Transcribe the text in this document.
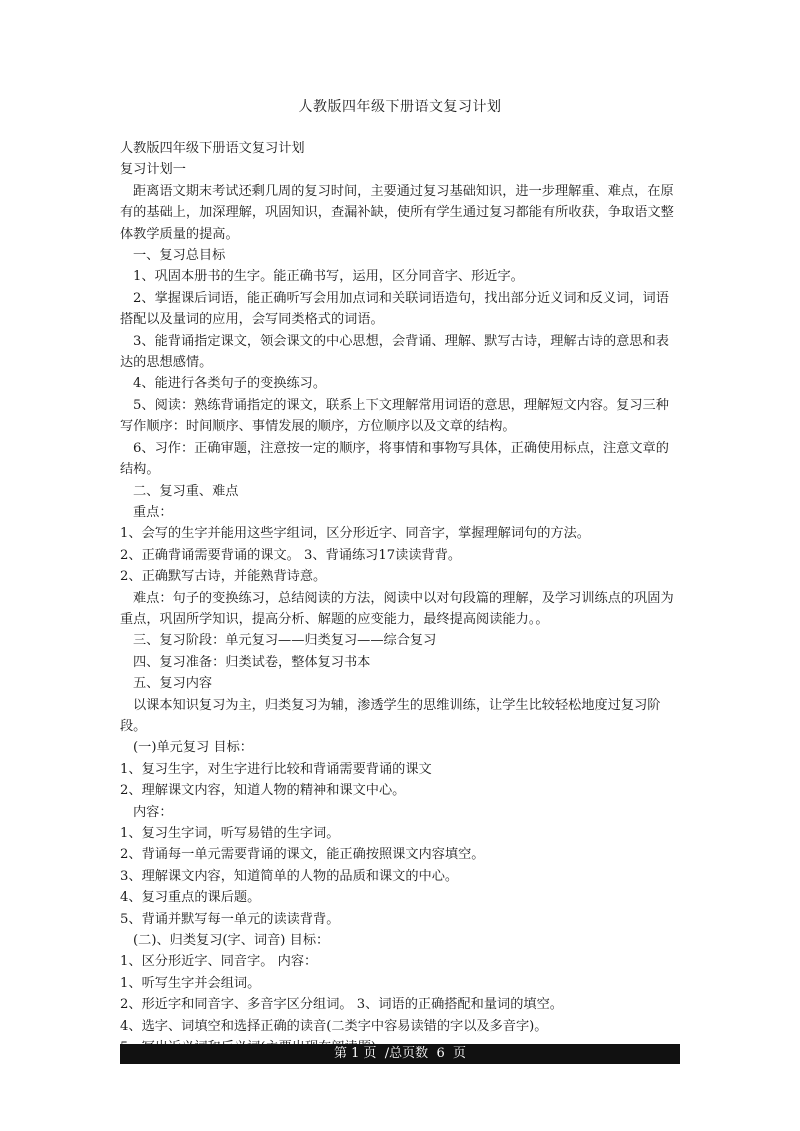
人教版四年级下册语文复习计划

人教版四年级下册语文复习计划

复习计划一

距离语文期末考试还剩几周的复习时间，主要通过复习基础知识，进一步理解重、难点，在原有的基础上，加深理解，巩固知识，查漏补缺，使所有学生通过复习都能有所收获，争取语文整体教学质量的提高。

一、复习总目标

1、巩固本册书的生字。能正确书写，运用，区分同音字、形近字。

2、掌握课后词语，能正确听写会用加点词和关联词语造句，找出部分近义词和反义词，词语搭配以及量词的应用，会写同类格式的词语。

3、能背诵指定课文，领会课文的中心思想，会背诵、理解、默写古诗，理解古诗的意思和表达的思想感情。

4、能进行各类句子的变换练习。

5、阅读：熟练背诵指定的课文，联系上下文理解常用词语的意思，理解短文内容。复习三种写作顺序：时间顺序、事情发展的顺序，方位顺序以及文章的结构。

6、习作：正确审题，注意按一定的顺序，将事情和事物写具体，正确使用标点，注意文章的结构。

二、复习重、难点

重点：

1、会写的生字并能用这些字组词，区分形近字、同音字，掌握理解词句的方法。

2、正确背诵需要背诵的课文。 3、背诵练习17读读背背。

2、正确默写古诗，并能熟背诗意。

难点：句子的变换练习，总结阅读的方法，阅读中以对句段篇的理解，及学习训练点的巩固为重点，巩固所学知识，提高分析、解题的应变能力，最终提高阅读能力。。

三、复习阶段：单元复习——归类复习——综合复习

四、复习准备：归类试卷，整体复习书本

五、复习内容

以课本知识复习为主，归类复习为辅，渗透学生的思维训练，让学生比较轻松地度过复习阶段。

(一)单元复习 目标：

1、复习生字，对生字进行比较和背诵需要背诵的课文

2、理解课文内容，知道人物的精神和课文中心。

内容：

1、复习生字词，听写易错的生字词。

2、背诵每一单元需要背诵的课文，能正确按照课文内容填空。

3、理解课文内容，知道简单的人物的品质和课文的中心。

4、复习重点的课后题。

5、背诵并默写每一单元的读读背背。

(二)、归类复习(字、词音) 目标：

1、区分形近字、同音字。 内容：

1、听写生字并会组词。

2、形近字和同音字、多音字区分组词。 3、词语的正确搭配和量词的填空。

4、选字、词填空和选择正确的读音(二类字中容易读错的字以及多音字)。

第 1 页  /总页数  6  页
